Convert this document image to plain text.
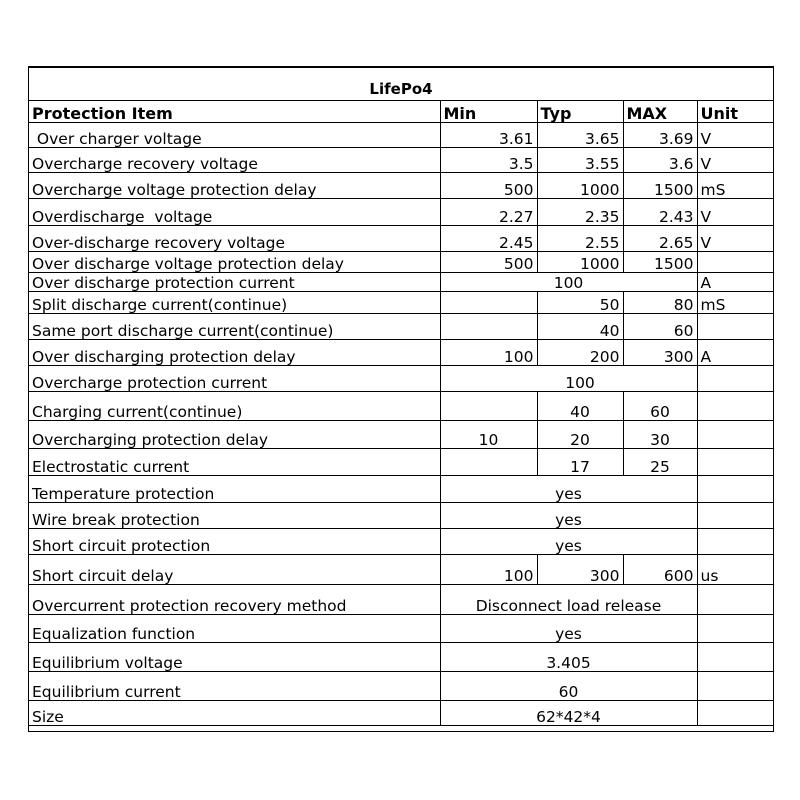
LifePo4
Protection Item	Min	Typ	MAX	Unit
Over charger voltage	3.61	3.65	3.69	V
Overcharge recovery voltage	3.5	3.55	3.6	V
Overcharge voltage protection delay	500	1000	1500	mS
Overdischarge  voltage	2.27	2.35	2.43	V
Over-discharge recovery voltage	2.45	2.55	2.65	V
Over discharge voltage protection delay	500	1000	1500	
Over discharge protection current	100			A
Split discharge current(continue)		50	80	mS
Same port discharge current(continue)		40	60	
Over discharging protection delay	100	200	300	A
Overcharge protection current		100		
Charging current(continue)		40	60	
Overcharging protection delay	10	20	30	
Electrostatic current		17	25	
Temperature protection	yes			
Wire break protection	yes			
Short circuit protection	yes			
Short circuit delay	100	300	600	us
Overcurrent protection recovery method	Disconnect load release			
Equalization function	yes			
Equilibrium voltage	3.405			
Equilibrium current	60			
Size	62*42*4			
